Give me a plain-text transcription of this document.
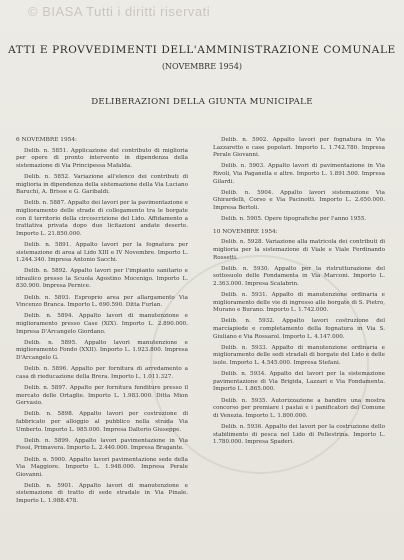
© BIASA Tutti i diritti riservati
ATTI E PROVVEDIMENTI DELL'AMMINISTRAZIONE COMUNALE
(NOVEMBRE 1954)
DELIBERAZIONI DELLA GIUNTA MUNICIPALE

6 NOVEMBRE 1954:

Delib. n. 5851. Applicazione del contributo di miglioria per opere di pronto intervento in dipendenza della sistemazione di Via Principessa Mafalda.

Delib. n. 5852. Variazione all'elenco dei contributi di miglioria in dipendenza della sistemazione della Via Luciano Baruchi, A. Brisse e G. Garibaldi.

Delib. n. 5887. Appalto dei lavori per la pavimentazione e miglioramento delle strade di collegamento tra le borgate con il territorio della circoscrizione del Lido. Affidamento a trattativa privata dopo due licitazioni andate deserte. Importo L. 21.850.000.

Delib. n. 5891. Appalto lavori per la fognatura per sistemazione di area al Lido XIII e IV Novembre. Importo L. 1.244.340. Impresa Antonio Sacchi.

Delib. n. 5892. Appalto lavori per l'impianto sanitario e idraulico presso la Scuola Agostino Mocenigo. Importo L. 830.900. Impresa Pernice.

Delib. n. 5893. Esproprio area per allargamento Via Vincenzo Branca. Importo L. 690.590. Ditta Furlan.

Delib. n. 5894. Appalto lavori di manutenzione e miglioramento presso Case (XIX). Importo L. 2.890.000. Impresa D'Arcangelo Giordano.

Delib. n. 5895. Appalto lavori manutenzione e miglioramento Fondo (XXII). Importo L. 1.923.800. Impresa D'Arcangelo G.

Delib. n. 5896. Appalto per fornitura di arredamento a casa di rieducazione della Brera. Importo L. 1.011.327.

Delib. n. 5897. Appalto per fornitura fenditure presso il mercato delle Ortaglie. Importo L. 1.983.000. Ditta Mion Gervasio.

Delib. n. 5898. Appalto lavori per costruzione di fabbricato per alloggio al pubblico nella strada Via Umberto. Importo L. 985.000. Impresa Dalterio Giuseppe.

Delib. n. 5899. Appalto lavori pavimentazione in Via Fossi, Primavera. Importo L. 2.440.000. Impresa Bragante.

Delib. n. 5900. Appalto lavori pavimentazione sede della Via Maggiore. Importo L. 1.948.000. Impresa Perale Giovanni.

Delib. n. 5901. Appalto lavori di manutenzione e sistemazione di tratto di sede stradale in Via Pinale. Importo L. 1.988.478.

Delib. n. 5902. Appalto lavori per fognatura in Via Lazzaretto e case popolari. Importo L. 1.742.780. Impresa Perale Giovanni.

Delib. n. 5903. Appalto lavori di pavimentazione in Via Rivoli, Via Paganella e altre. Importo L. 1.891.500. Impresa Gilardi.

Delib. n. 5904. Appalto lavori sistemazione Via Ghirardelli, Corso e Via Pacinotti. Importo L. 2.650.000. Impresa Bertoli.

Delib. n. 5905. Opere tipografiche per l'anno 1955.

10 NOVEMBRE 1954:

Delib. n. 5928. Variazione alla matricola dei contributi di miglioria per la sistemazione di Viale e Viale Ferdinando Rossetti.

Delib. n. 5930. Appalto per la ristrutturazione del sottosuolo delle Fondamenta in Via Marconi. Importo L. 2.363.000. Impresa Scalabrin.

Delib. n. 5931. Appalto di manutenzione ordinaria e miglioramento delle vie di ingresso alle borgate di S. Pietro, Murano e Burano. Importo L. 1.742.000.

Delib. n. 5932. Appalto lavori costruzione del marciapiede e completamento della fognatura in Via S. Giuliano e Via Rossarol. Importo L. 4.147.000.

Delib. n. 5933. Appalto di manutenzione ordinaria e miglioramento delle sedi stradali di borgate del Lido e delle isole. Importo L. 4.545.000. Impresa Stefani.

Delib. n. 5934. Appalto dei lavori per la sistemazione pavimentazione di Via Brigida, Lazzari e Via Fondamenta. Importo L. 1.865.000.

Delib. n. 5935. Autorizzazione a bandire una mostra concorso per premiare i pastai e i panificatori del Comune di Venezia. Importo L. 1.800.000.

Delib. n. 5936. Appalto dei lavori per la costruzione dello stabilimento di pesca nel Lido di Pellestrina. Importo L. 1.780.000. Impresa Spaderi.
